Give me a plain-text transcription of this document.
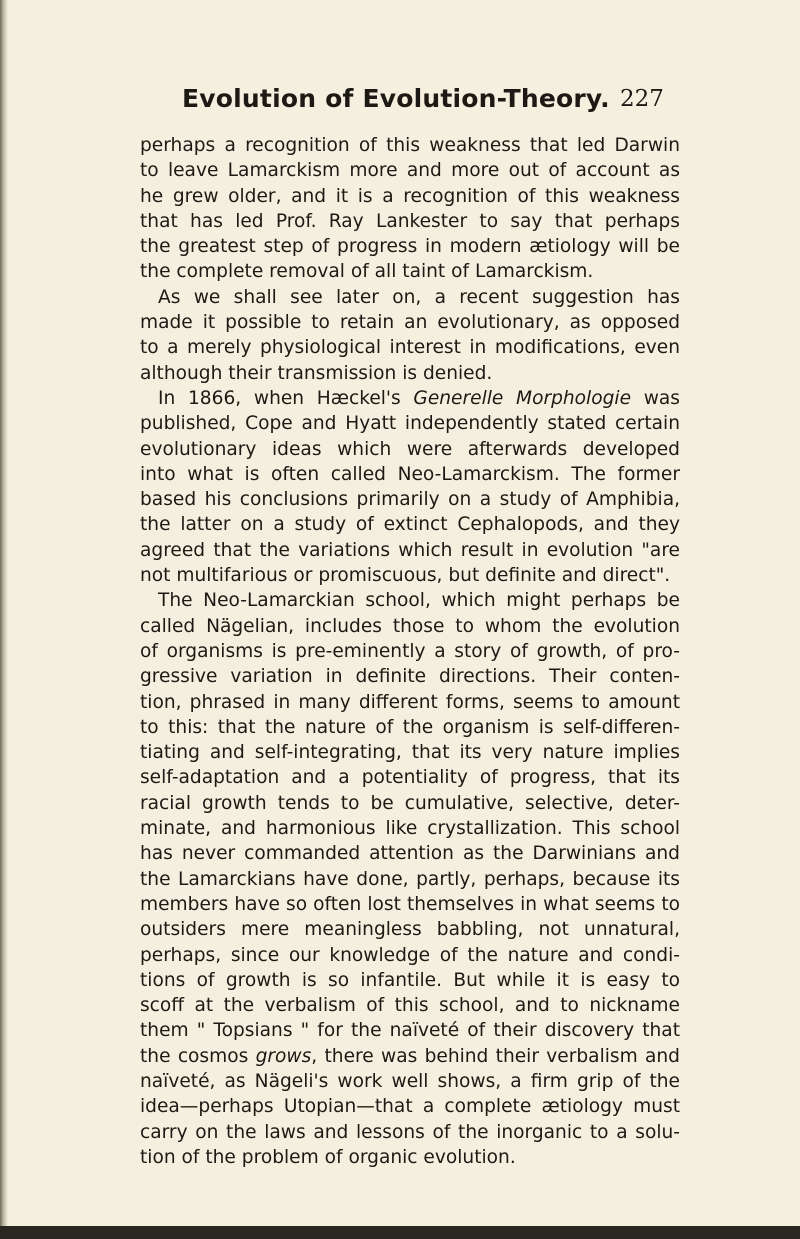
Evolution of Evolution-Theory. 227
perhaps a recognition of this weakness that led Darwin
to leave Lamarckism more and more out of account as
he grew older, and it is a recognition of this weakness
that has led Prof. Ray Lankester to say that perhaps
the greatest step of progress in modern ætiology will be
the complete removal of all taint of Lamarckism.
As we shall see later on, a recent suggestion has
made it possible to retain an evolutionary, as opposed
to a merely physiological interest in modifications, even
although their transmission is denied.
In 1866, when Hæckel's Generelle Morphologie was
published, Cope and Hyatt independently stated certain
evolutionary ideas which were afterwards developed
into what is often called Neo-Lamarckism. The former
based his conclusions primarily on a study of Amphibia,
the latter on a study of extinct Cephalopods, and they
agreed that the variations which result in evolution "are
not multifarious or promiscuous, but definite and direct".
The Neo-Lamarckian school, which might perhaps be
called Nägelian, includes those to whom the evolution
of organisms is pre-eminently a story of growth, of pro-
gressive variation in definite directions. Their conten-
tion, phrased in many different forms, seems to amount
to this: that the nature of the organism is self-differen-
tiating and self-integrating, that its very nature implies
self-adaptation and a potentiality of progress, that its
racial growth tends to be cumulative, selective, deter-
minate, and harmonious like crystallization. This school
has never commanded attention as the Darwinians and
the Lamarckians have done, partly, perhaps, because its
members have so often lost themselves in what seems to
outsiders mere meaningless babbling, not unnatural,
perhaps, since our knowledge of the nature and condi-
tions of growth is so infantile. But while it is easy to
scoff at the verbalism of this school, and to nickname
them " Topsians " for the naïveté of their discovery that
the cosmos grows, there was behind their verbalism and
naïveté, as Nägeli's work well shows, a firm grip of the
idea—perhaps Utopian—that a complete ætiology must
carry on the laws and lessons of the inorganic to a solu-
tion of the problem of organic evolution.
